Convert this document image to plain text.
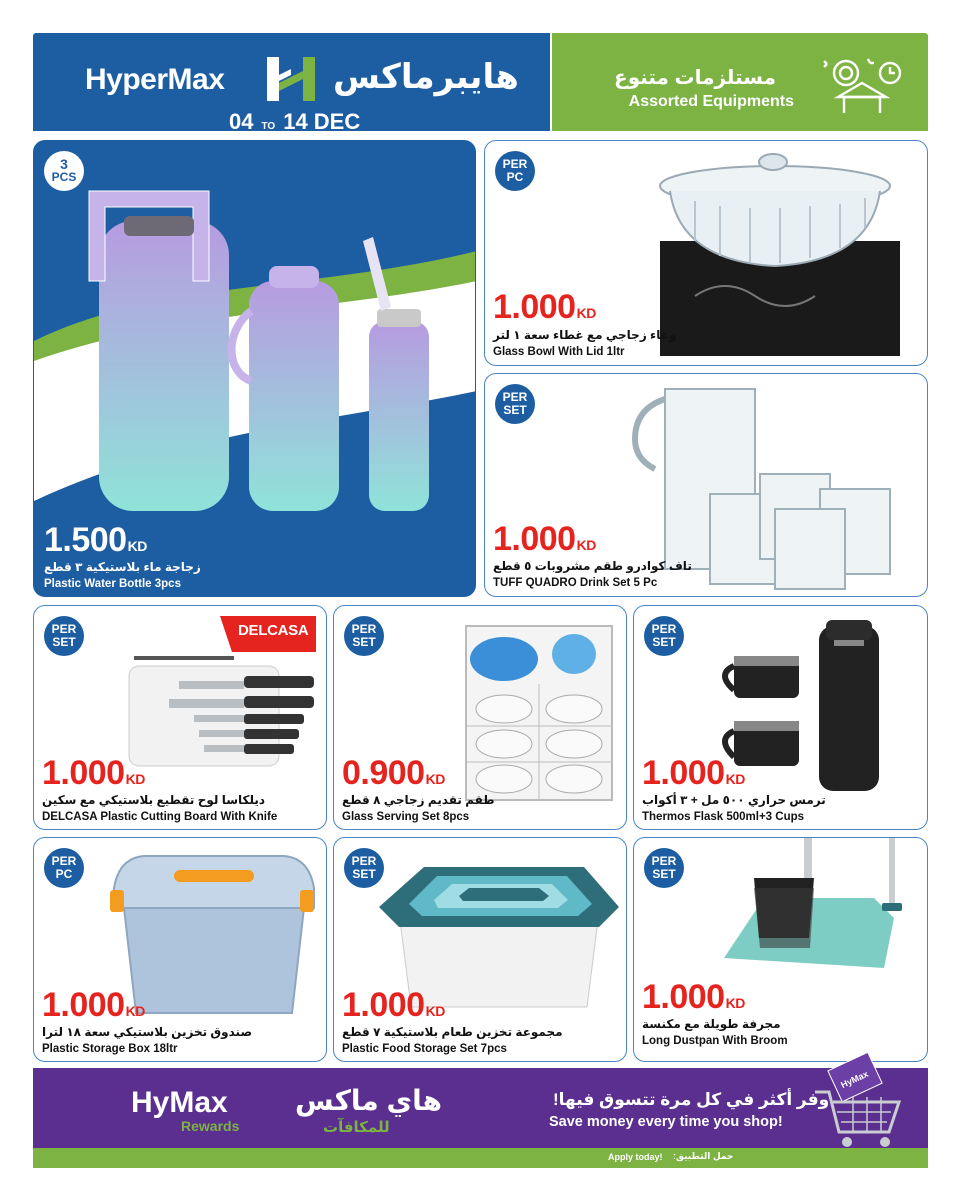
HyperMax	هايبرماكس
04 TO 14 DEC
مستلزمات متنوع
Assorted Equipments
3
PCS
1.500KD
زجاجة ماء بلاستيكية ٣ قطع
Plastic Water Bottle 3pcs
PER
PC
1.000KD
وعاء زجاجي مع غطاء سعة ١ لتر
Glass Bowl With Lid 1ltr
PER
SET
1.000KD
تاف كوادرو طقم مشروبات ٥ قطع
TUFF QUADRO Drink Set 5 Pc
PER
SET
DELCASA
1.000KD
ديلكاسا لوح تقطيع بلاستيكي مع سكين
DELCASA Plastic Cutting Board With Knife
PER
SET
0.900KD
طقم تقديم زجاجي ٨ قطع
Glass Serving Set 8pcs
PER
SET
1.000KD
ترمس حراري ٥٠٠ مل + ٣ أكواب
Thermos Flask 500ml+3 Cups
PER
PC
1.000KD
صندوق تخزين بلاستيكي سعة ١٨ لترا
Plastic Storage Box 18ltr
PER
SET
1.000KD
مجموعة تخزين طعام بلاستيكية ٧ قطع
Plastic Food Storage Set 7pcs
PER
SET
1.000KD
مجرفة طويلة مع مكنسة
Long Dustpan With Broom
HyMax
Rewards
هاي ماكس
للمكافآت
وفر أكثر في كل مرة تتسوق فيها!
Save money every time you shop!
HyMax
Apply today! حمل التطبيق:
